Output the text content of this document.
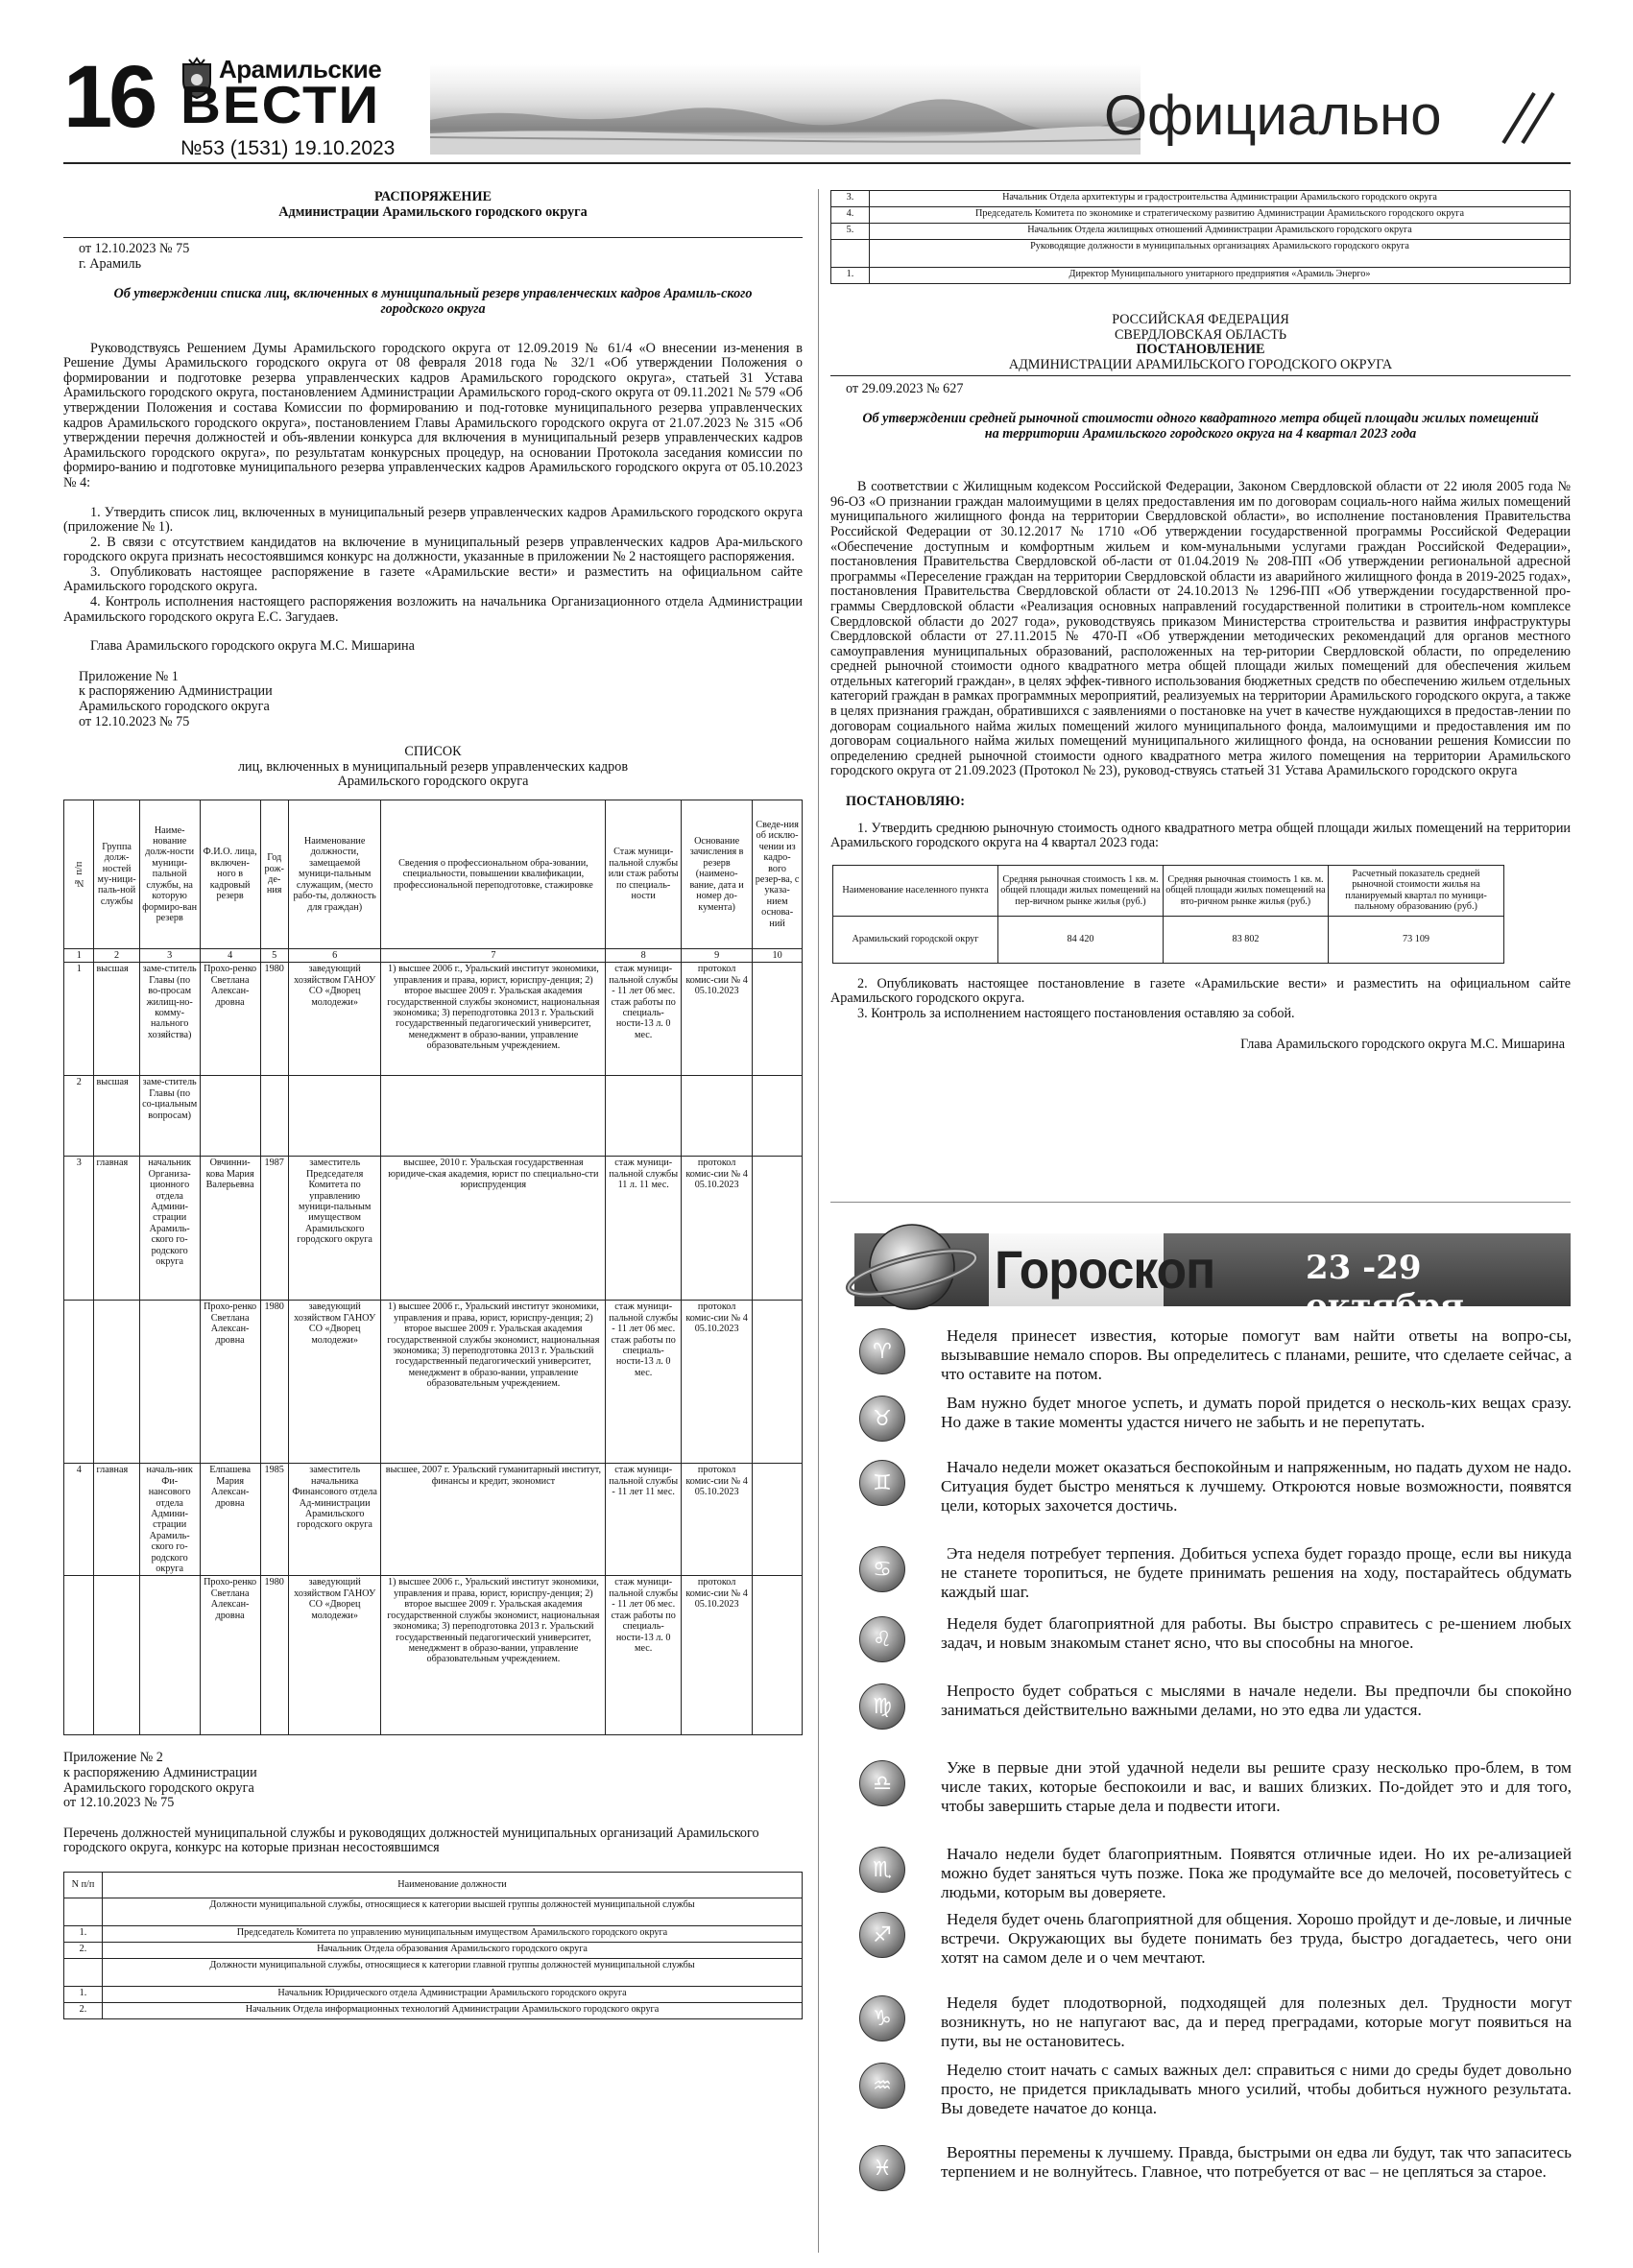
16	Арамильские
ВЕСТИ
№53 (1531) 19.10.2023
Официально
РАСПОРЯЖЕНИЕ
Администрации Арамильского городского округа
от 12.10.2023 № 75
г. Арамиль
Об утверждении списка лиц, включенных в муниципальный резерв управленческих кадров Арамиль-ского городского округа

Руководствуясь Решением Думы Арамильского городского округа от 12.09.2019 № 61/4 «О внесении из-менения в Решение Думы Арамильского городского округа от 08 февраля 2018 года № 32/1 «Об утверждении Положения о формировании и подготовке резерва управленческих кадров Арамильского городского округа», статьей 31 Устава Арамильского городского округа, постановлением Администрации Арамильского город-ского округа от 09.11.2021 № 579 «Об утверждении Положения и состава Комиссии по формированию и под-готовке муниципального резерва управленческих кадров Арамильского городского округа», постановлением Главы Арамильского городского округа от 21.07.2023 № 315 «Об утверждении перечня должностей и объ-явлении конкурса для включения в муниципальный резерв управленческих кадров Арамильского городского округа», по результатам конкурсных процедур, на основании Протокола заседания комиссии по формиро-ванию и подготовке муниципального резерва управленческих кадров Арамильского городского округа от 05.10.2023 № 4:

1. Утвердить список лиц, включенных в муниципальный резерв управленческих кадров Арамильского городского округа (приложение № 1).

2. В связи с отсутствием кандидатов на включение в муниципальный резерв управленческих кадров Ара-мильского городского округа признать несостоявшимся конкурс на должности, указанные в приложении № 2 настоящего распоряжения.

3. Опубликовать настоящее распоряжение в газете «Арамильские вести» и разместить на официальном сайте Арамильского городского округа.

4. Контроль исполнения настоящего распоряжения возложить на начальника Организационного отдела Администрации Арамильского городского округа Е.С. Загудаев.

Глава Арамильского городского округа М.С. Мишарина

Приложение № 1
к распоряжению Администрации
Арамильского городского округа
от 12.10.2023 № 75
СПИСОК
лиц, включенных в муниципальный резерв управленческих кадров
Арамильского городского округа
№ п/п	Группа долж-ностей му-ници-паль-ной службы	Наиме-нование долж-ности муници-пальной службы, на которую формиро-ван резерв	Ф.И.О. лица, включен-ного в кадровый резерв	Год рож-де-ния	Наименование должности, замещаемой муници-пальным служащим, (место рабо-ты, должность для граждан)	Сведения о профессиональном обра-зовании, специальности, повышении квалификации, профессиональной переподготовке, стажировке	Стаж муници-пальной службы или стаж работы по специаль-ности	Основание зачисления в резерв (наимено-вание, дата и номер до-кумента)	Сведе-ния об исклю-чении из кадро-вого резер-ва, с указа-нием основа-ний
1	2	3	4	5	6	7	8	9	10
1	высшая	заме-ститель Главы (по во-просам жилищ-но-комму-нального хозяйства)	Прохо-ренко Светлана Алексан-дровна	1980	заведующий хозяйством ГАНОУ СО «Дворец молодежи»	1) высшее 2006 г., Уральский институт экономики, управления и права, юрист, юриспру-денция; 2) второе высшее 2009 г. Уральская академия государственной службы экономист, национальная экономика; 3) переподготовка 2013 г. Уральский государственный педагогический университет, менеджмент в образо-вании, управление образовательным учреждением.	стаж муници-пальной службы - 11 лет 06 мес. стаж работы по специаль-ности-13 л. 0 мес.	протокол комис-сии № 4 05.10.2023	
2	высшая	заме-ститель Главы (по со-циальным вопросам)							
3	главная	начальник Организа-ционного отдела Админи-страции Арамиль-ского го-родского округа	Овчинни-кова Мария Валерьевна	1987	заместитель Председателя Комитета по управлению муници-пальным имуществом Арамильского городского округа	высшее, 2010 г. Уральская государственная юридиче-ская академия, юрист по специально-сти юриспруденция	стаж муници-пальной службы 11 л. 11 мес.	протокол комис-сии № 4 05.10.2023	
			Прохо-ренко Светлана Алексан-дровна	1980	заведующий хозяйством ГАНОУ СО «Дворец молодежи»	1) высшее 2006 г., Уральский институт экономики, управления и права, юрист, юриспру-денция; 2) второе высшее 2009 г. Уральская академия государственной службы экономист, национальная экономика; 3) переподготовка 2013 г. Уральский государственный педагогический университет, менеджмент в образо-вании, управление образовательным учреждением.	стаж муници-пальной службы - 11 лет 06 мес. стаж работы по специаль-ности-13 л. 0 мес.	протокол комис-сии № 4 05.10.2023	
4	главная	началь-ник Фи-нансового отдела Админи-страции Арамиль-ского го-родского округа	Елпашева Мария Алексан-дровна	1985	заместитель начальника Финансового отдела Ад-министрации Арамильского городского округа	высшее, 2007 г. Уральский гуманитарный институт, финансы и кредит, экономист	стаж муници-пальной службы - 11 лет 11 мес.	протокол комис-сии № 4 05.10.2023	
			Прохо-ренко Светлана Алексан-дровна	1980	заведующий хозяйством ГАНОУ СО «Дворец молодежи»	1) высшее 2006 г., Уральский институт экономики, управления и права, юрист, юриспру-денция; 2) второе высшее 2009 г. Уральская академия государственной службы экономист, национальная экономика; 3) переподготовка 2013 г. Уральский государственный педагогический университет, менеджмент в образо-вании, управление образовательным учреждением.	стаж муници-пальной службы - 11 лет 06 мес. стаж работы по специаль-ности-13 л. 0 мес.	протокол комис-сии № 4 05.10.2023	
Приложение № 2
к распоряжению Администрации
Арамильского городского округа
от 12.10.2023 № 75
Перечень должностей муниципальной службы и руководящих должностей муниципальных организаций Арамильского городского округа, конкурс на которые признан несостоявшимся
N п/п	Наименование должности
	Должности муниципальной службы, относящиеся к категории высшей группы должностей муниципальной службы
1.	Председатель Комитета по управлению муниципальным имуществом Арамильского городского округа
2.	Начальник Отдела образования Арамильского городского округа
	Должности муниципальной службы, относящиеся к категории главной группы должностей муниципальной службы
1.	Начальник Юридического отдела Администрации Арамильского городского округа
2.	Начальник Отдела информационных технологий Администрации Арамильского городского округа
3.	Начальник Отдела архитектуры и градостроительства Администрации Арамильского городского округа
4.	Председатель Комитета по экономике и стратегическому развитию Администрации Арамильского городского округа
5.	Начальник Отдела жилищных отношений Администрации Арамильского городского округа
	Руководящие должности в муниципальных организациях Арамильского городского округа
1.	Директор Муниципального унитарного предприятия «Арамиль Энерго»
РОССИЙСКАЯ ФЕДЕРАЦИЯ
СВЕРДЛОВСКАЯ ОБЛАСТЬ
ПОСТАНОВЛЕНИЕ
АДМИНИСТРАЦИИ АРАМИЛЬСКОГО ГОРОДСКОГО ОКРУГА
от 29.09.2023 № 627
Об утверждении средней рыночной стоимости одного квадратного метра общей площади жилых помещений на территории Арамильского городского округа на 4 квартал 2023 года

В соответствии с Жилищным кодексом Российской Федерации, Законом Свердловской области от 22 июля 2005 года № 96-ОЗ «О признании граждан малоимущими в целях предоставления им по договорам социаль-ного найма жилых помещений муниципального жилищного фонда на территории Свердловской области», во исполнение постановления Правительства Российской Федерации от 30.12.2017 № 1710 «Об утверждении государственной программы Российской Федерации «Обеспечение доступным и комфортным жильем и ком-мунальными услугами граждан Российской Федерации», постановления Правительства Свердловской об-ласти от 01.04.2019 № 208-ПП «Об утверждении региональной адресной программы «Переселение граждан на территории Свердловской области из аварийного жилищного фонда в 2019-2025 годах», постановления Правительства Свердловской области от 24.10.2013 № 1296-ПП «Об утверждении государственной про-граммы Свердловской области «Реализация основных направлений государственной политики в строитель-ном комплексе Свердловской области до 2027 года», руководствуясь приказом Министерства строительства и развития инфраструктуры Свердловской области от 27.11.2015 № 470-П «Об утверждении методических рекомендаций для органов местного самоуправления муниципальных образований, расположенных на тер-ритории Свердловской области, по определению средней рыночной стоимости одного квадратного метра общей площади жилых помещений для обеспечения жильем отдельных категорий граждан», в целях эффек-тивного использования бюджетных средств по обеспечению жильем отдельных категорий граждан в рамках программных мероприятий, реализуемых на территории Арамильского городского округа, а также в целях признания граждан, обратившихся с заявлениями о постановке на учет в качестве нуждающихся в предостав-лении по договорам социального найма жилых помещений жилого муниципального фонда, малоимущими и предоставления им по договорам социального найма жилых помещений муниципального жилищного фонда, на основании решения Комиссии по определению средней рыночной стоимости одного квадратного метра жилого помещения на территории Арамильского городского округа от 21.09.2023 (Протокол № 23), руковод-ствуясь статьей 31 Устава Арамильского городского округа

ПОСТАНОВЛЯЮ:

1. Утвердить среднюю рыночную стоимость одного квадратного метра общей площади жилых помещений на территории Арамильского городского округа на 4 квартал 2023 года:

Наименование населенного пункта	Средняя рыночная стоимость 1 кв. м. общей площади жилых помещений на пер-вичном рынке жилья (руб.)	Средняя рыночная стоимость 1 кв. м. общей площади жилых помещений на вто-ричном рынке жилья (руб.)	Расчетный показатель средней рыночной стоимости жилья на планируемый квартал по муници-пальному образованию (руб.)
Арамильский городской округ	84 420	83 802	73 109

2. Опубликовать настоящее постановление в газете «Арамильские вести» и разместить на официальном сайте Арамильского городского округа.

3. Контроль за исполнением настоящего постановления оставляю за собой.

Глава Арамильского городского округа М.С. Мишарина
Гороскоп	23 -29 октября
♈
Неделя принесет известия, которые помогут вам найти ответы на вопро-сы, вызывавшие немало споров. Вы определитесь с планами, решите, что сделаете сейчас, а что оставите на потом.
♉
Вам нужно будет многое успеть, и думать порой придется о несколь-ких вещах сразу. Но даже в такие моменты удастся ничего не забыть и не перепутать.
♊
Начало недели может оказаться беспокойным и напряженным, но падать духом не надо. Ситуация будет быстро меняться к лучшему. Откроются новые возможности, появятся цели, которых захочется достичь.
♋
Эта неделя потребует терпения. Добиться успеха будет гораздо проще, если вы никуда не станете торопиться, не будете принимать решения на ходу, постарайтесь обдумать каждый шаг.
♌
Неделя будет благоприятной для работы. Вы быстро справитесь с ре-шением любых задач, и новым знакомым станет ясно, что вы способны на многое.
♍
Непросто будет собраться с мыслями в начале недели. Вы предпочли бы спокойно заниматься действительно важными делами, но это едва ли удастся.
♎
Уже в первые дни этой удачной недели вы решите сразу несколько про-блем, в том числе таких, которые беспокоили и вас, и ваших близких. По-дойдет это и для того, чтобы завершить старые дела и подвести итоги.
♏
Начало недели будет благоприятным. Появятся отличные идеи. Но их ре-ализацией можно будет заняться чуть позже. Пока же продумайте все до мелочей, посоветуйтесь с людьми, которым вы доверяете.
♐
Неделя будет очень благоприятной для общения. Хорошо пройдут и де-ловые, и личные встречи. Окружающих вы будете понимать без труда, быстро догадаетесь, чего они хотят на самом деле и о чем мечтают.
♑
Неделя будет плодотворной, подходящей для полезных дел. Трудности могут возникнуть, но не напугают вас, да и перед преградами, которые могут появиться на пути, вы не остановитесь.
♒
Неделю стоит начать с самых важных дел: справиться с ними до среды будет довольно просто, не придется прикладывать много усилий, чтобы добиться нужного результата. Вы доведете начатое до конца.
♓
Вероятны перемены к лучшему. Правда, быстрыми он едва ли будут, так что запаситесь терпением и не волнуйтесь. Главное, что потребуется от вас – не цепляться за старое.
